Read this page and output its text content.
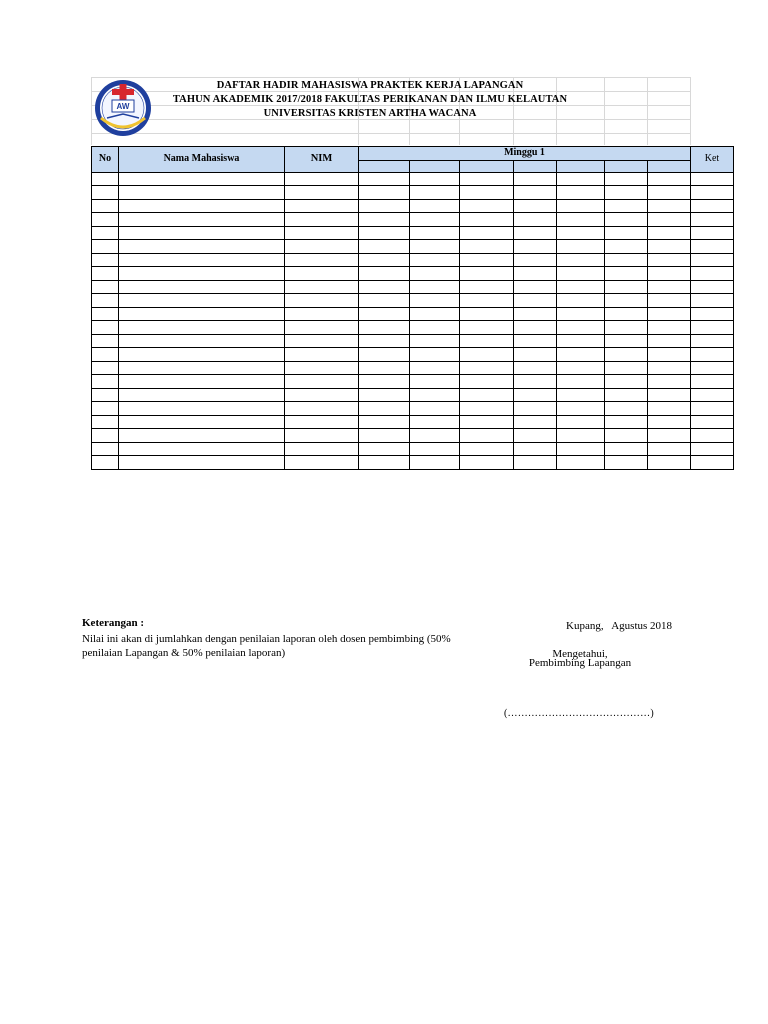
AW
DAFTAR HADIR MAHASISWA PRAKTEK KERJA LAPANGAN
TAHUN AKADEMIK 2017/2018 FAKULTAS PERIKANAN DAN ILMU KELAUTAN
UNIVERSITAS KRISTEN ARTHA WACANA
No	Nama Mahasiswa	NIM	Minggu 1							Ket

Keterangan :
Nilai ini akan di jumlahkan dengan penilaian laporan oleh dosen pembimbing (50% penilaian Lapangan & 50% penilaian laporan)
Kupang,   Agustus 2018
Mengetahui,
Pembimbing Lapangan
(……………………………………)
